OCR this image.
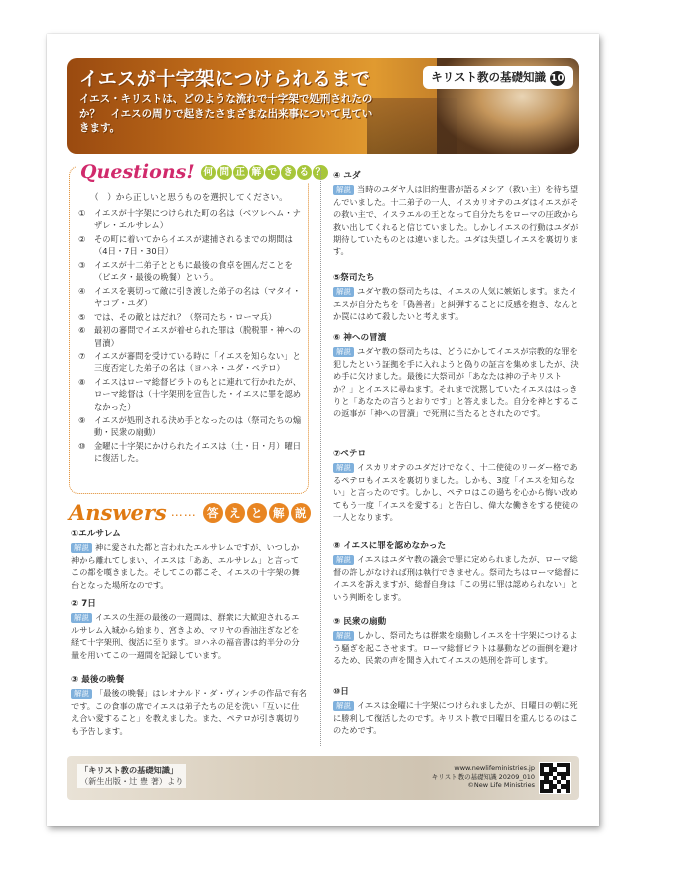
イエスが十字架につけられるまで
イエス・キリストは、どのような流れで十字架で処刑されたのか？　イエスの周りで起きたさまざまな出来事について見ていきます。
キリスト教の基礎知識 10
Questions! 何 問 正 解 で き る ？
（　）から正しいと思うものを選択してください。
① イエスが十字架につけられた町の名は（ベツレヘム・ナザレ・エルサレム）
② その町に着いてからイエスが逮捕されるまでの期間は（4日・7日・30日）
③ イエスが十二弟子とともに最後の食卓を囲んだことを（ピエタ・最後の晩餐）という。
④ イエスを裏切って敵に引き渡した弟子の名は（マタイ・ヤコブ・ユダ）
⑤ では、その敵とはだれ？（祭司たち・ローマ兵）
⑥ 最初の審問でイエスが着せられた罪は（脱税罪・神への冒瀆）
⑦ イエスが審問を受けている時に「イエスを知らない」と三度否定した弟子の名は（ヨハネ・ユダ・ペテロ）
⑧ イエスはローマ総督ピラトのもとに連れて行かれたが、ローマ総督は（十字架刑を宣告した・イエスに罪を認めなかった）
⑨ イエスが処刑される決め手となったのは（祭司たちの煽動・民衆の扇動）
⑩ 金曜に十字架にかけられたイエスは（土・日・月）曜日に復活した。
Answers …… 答 え と 解 説
①エルサレム
解説 神に愛された都と言われたエルサレムですが、いつしか神から離れてしまい、イエスは「ああ、エルサレム」と言ってこの都を嘆きました。そしてこの都こそ、イエスの十字架の舞台となった場所なのです。
② 7日
解説 イエスの生涯の最後の一週間は、群衆に大歓迎されるエルサレム入城から始まり、宮きよめ、マリヤの香油注ぎなどを経て十字架刑、復活に至ります。ヨハネの福音書は約半分の分量を用いてこの一週間を記録しています。
③ 最後の晩餐
解説 「最後の晩餐」はレオナルド・ダ・ヴィンチの作品で有名です。この食事の席でイエスは弟子たちの足を洗い「互いに仕え合い愛すること」を教えました。また、ペテロが引き裏切りも予告します。
④ ユダ
解説 当時のユダヤ人は旧約聖書が語るメシア（救い主）を待ち望んでいました。十二弟子の一人、イスカリオテのユダはイエスがその救い主で、イスラエルの王となって自分たちをローマの圧政から救い出してくれると信じていました。しかしイエスの行動はユダが期待していたものとは違いました。ユダは失望しイエスを裏切ります。
⑤祭司たち
解説 ユダヤ教の祭司たちは、イエスの人気に嫉妬します。またイエスが自分たちを「偽善者」と糾弾することに反感を抱き、なんとか罠にはめて殺したいと考えます。
⑥ 神への冒瀆
解説 ユダヤ教の祭司たちは、どうにかしてイエスが宗教的な罪を犯したという証拠を手に入れようと偽りの証言を集めましたが、決め手に欠けました。最後に大祭司が「あなたは神の子キリストか？」とイエスに尋ねます。それまで沈黙していたイエスははっきりと「あなたの言うとおりです」と答えました。自分を神とするこの返事が「神への冒瀆」で死刑に当たるとされたのです。
⑦ペテロ
解説 イスカリオテのユダだけでなく、十二使徒のリーダー格であるペテロもイエスを裏切りました。しかも、3度「イエスを知らない」と言ったのです。しかし、ペテロはこの過ちを心から悔い改めてもう一度「イエスを愛する」と告白し、偉大な働きをする使徒の一人となります。
⑧ イエスに罪を認めなかった
解説 イエスはユダヤ教の議会で罪に定められましたが、ローマ総督の許しがなければ刑は執行できません。祭司たちはローマ総督にイエスを訴えますが、総督自身は「この男に罪は認められない」という判断をします。
⑨ 民衆の扇動
解説 しかし、祭司たちは群衆を扇動しイエスを十字架につけるよう騒ぎを起こさせます。ローマ総督ピラトは暴動などの面倒を避けるため、民衆の声を聞き入れてイエスの処刑を許可します。
⑩日
解説 イエスは金曜に十字架につけられましたが、日曜日の朝に死に勝利して復活したのです。キリスト教で日曜日を重んじるのはこのためです。
「キリスト教の基礎知識」
（新生出版・辻 豊 著）より
www.newlifeministries.jp
キリスト教の基礎知識 20209_010
©New Life Ministries
